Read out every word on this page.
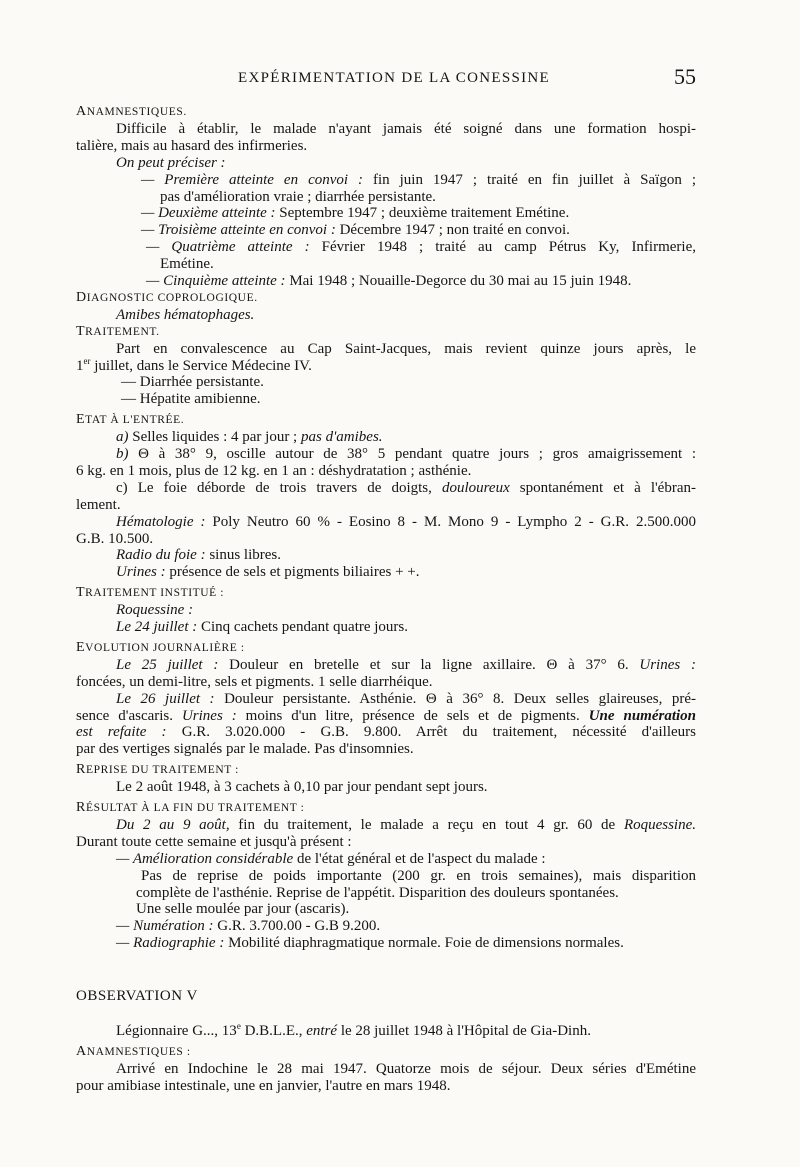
EXPÉRIMENTATION DE LA CONESSINE	55

ANAMNESTIQUES.

Difficile à établir, le malade n'ayant jamais été soigné dans une formation hospi-

talière, mais au hasard des infirmeries.

On peut préciser :

— Première atteinte en convoi : fin juin 1947 ; traité en fin juillet à Saïgon ;

pas d'amélioration vraie ; diarrhée persistante.

— Deuxième atteinte : Septembre 1947 ; deuxième traitement Emétine.

— Troisième atteinte en convoi : Décembre 1947 ; non traité en convoi.

— Quatrième atteinte : Février 1948 ; traité au camp Pétrus Ky, Infirmerie,

Emétine.

— Cinquième atteinte : Mai 1948 ; Nouaille-Degorce du 30 mai au 15 juin 1948.

DIAGNOSTIC COPROLOGIQUE.

Amibes hématophages.

TRAITEMENT.

Part en convalescence au Cap Saint-Jacques, mais revient quinze jours après, le

1er juillet, dans le Service Médecine IV.

— Diarrhée persistante.

— Hépatite amibienne.

ETAT À L'ENTRÉE.

a) Selles liquides : 4 par jour ; pas d'amibes.

b) Θ à 38° 9, oscille autour de 38° 5 pendant quatre jours ; gros amaigrissement :

6 kg. en 1 mois, plus de 12 kg. en 1 an : déshydratation ; asthénie.

c) Le foie déborde de trois travers de doigts, douloureux spontanément et à l'ébran-

lement.

Hématologie : Poly Neutro 60 % - Eosino 8 - M. Mono 9 - Lympho 2 - G.R. 2.500.000

G.B. 10.500.

Radio du foie : sinus libres.

Urines : présence de sels et pigments biliaires + +.

TRAITEMENT INSTITUÉ :

Roquessine :

Le 24 juillet : Cinq cachets pendant quatre jours.

EVOLUTION JOURNALIÈRE :

Le 25 juillet : Douleur en bretelle et sur la ligne axillaire. Θ à 37° 6. Urines :

foncées, un demi-litre, sels et pigments. 1 selle diarrhéique.

Le 26 juillet : Douleur persistante. Asthénie. Θ à 36° 8. Deux selles glaireuses, pré-

sence d'ascaris. Urines : moins d'un litre, présence de sels et de pigments. Une numération

est refaite : G.R. 3.020.000 - G.B. 9.800. Arrêt du traitement, nécessité d'ailleurs

par des vertiges signalés par le malade. Pas d'insomnies.

REPRISE DU TRAITEMENT :

Le 2 août 1948, à 3 cachets à 0,10 par jour pendant sept jours.

RÉSULTAT À LA FIN DU TRAITEMENT :

Du 2 au 9 août, fin du traitement, le malade a reçu en tout 4 gr. 60 de Roquessine.

Durant toute cette semaine et jusqu'à présent :

— Amélioration considérable de l'état général et de l'aspect du malade :

Pas de reprise de poids importante (200 gr. en trois semaines), mais disparition

complète de l'asthénie. Reprise de l'appétit. Disparition des douleurs spontanées.

Une selle moulée par jour (ascaris).

— Numération : G.R. 3.700.00 - G.B 9.200.

— Radiographie : Mobilité diaphragmatique normale. Foie de dimensions normales.

OBSERVATION V

Légionnaire G..., 13e D.B.L.E., entré le 28 juillet 1948 à l'Hôpital de Gia-Dinh.

ANAMNESTIQUES :

Arrivé en Indochine le 28 mai 1947. Quatorze mois de séjour. Deux séries d'Emétine

pour amibiase intestinale, une en janvier, l'autre en mars 1948.
